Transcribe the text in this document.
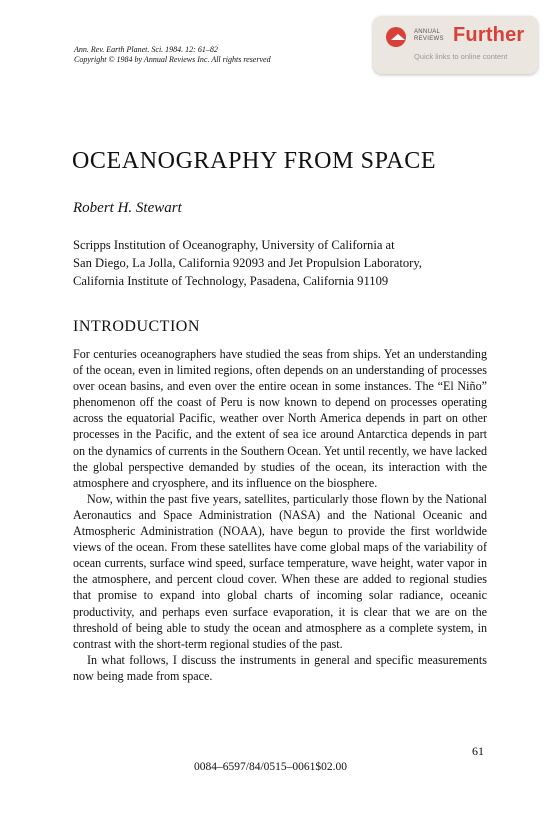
Ann. Rev. Earth Planet. Sci. 1984. 12: 61–82
Copyright © 1984 by Annual Reviews Inc. All rights reserved
ANNUAL REVIEWS Further
Quick links to online content
OCEANOGRAPHY FROM SPACE
Robert H. Stewart
Scripps Institution of Oceanography, University of California at
San Diego, La Jolla, California 92093 and Jet Propulsion Laboratory,
California Institute of Technology, Pasadena, California 91109
INTRODUCTION

For centuries oceanographers have studied the seas from ships. Yet an understanding of the ocean, even in limited regions, often depends on an understanding of processes over ocean basins, and even over the entire ocean in some instances. The “El Niño” phenomenon off the coast of Peru is now known to depend on processes operating across the equatorial Pacific, weather over North America depends in part on other processes in the Pacific, and the extent of sea ice around Antarctica depends in part on the dynamics of currents in the Southern Ocean. Yet until recently, we have lacked the global perspective demanded by studies of the ocean, its interaction with the atmosphere and cryosphere, and its influence on the biosphere.

Now, within the past five years, satellites, particularly those flown by the National Aeronautics and Space Administration (NASA) and the National Oceanic and Atmospheric Administration (NOAA), have begun to provide the first worldwide views of the ocean. From these satellites have come global maps of the variability of ocean currents, surface wind speed, surface temperature, wave height, water vapor in the atmosphere, and percent cloud cover. When these are added to regional studies that promise to expand into global charts of incoming solar radiance, oceanic productivity, and perhaps even surface evaporation, it is clear that we are on the threshold of being able to study the ocean and atmosphere as a complete system, in contrast with the short-term regional studies of the past.

In what follows, I discuss the instruments in general and specific measurements now being made from space.

61
0084–6597/84/0515–0061$02.00
